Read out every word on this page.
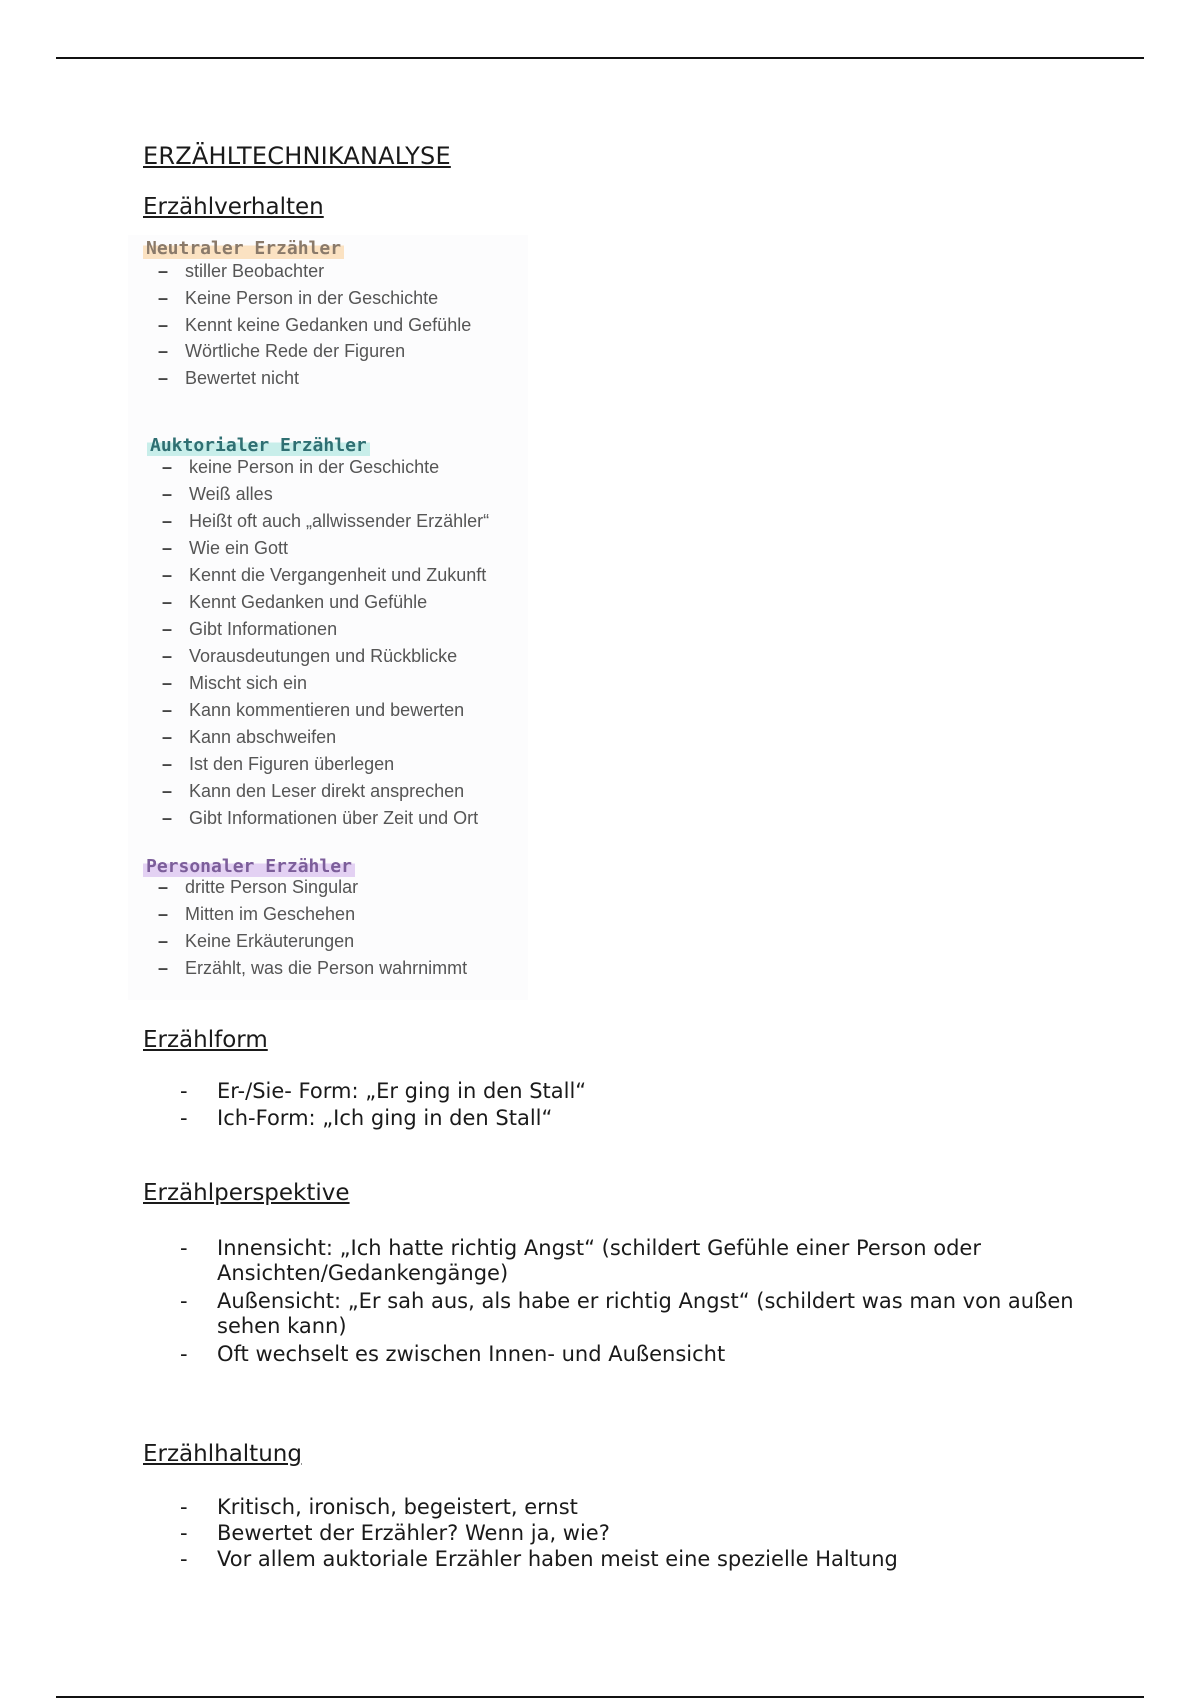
ERZÄHLTECHNIKANALYSE
Erzählverhalten
Neutraler Erzähler
– stiller Beobachter
– Keine Person in der Geschichte
– Kennt keine Gedanken und Gefühle
– Wörtliche Rede der Figuren
– Bewertet nicht
Auktorialer Erzähler
– keine Person in der Geschichte
– Weiß alles
– Heißt oft auch „allwissender Erzähler“
– Wie ein Gott
– Kennt die Vergangenheit und Zukunft
– Kennt Gedanken und Gefühle
– Gibt Informationen
– Vorausdeutungen und Rückblicke
– Mischt sich ein
– Kann kommentieren und bewerten
– Kann abschweifen
– Ist den Figuren überlegen
– Kann den Leser direkt ansprechen
– Gibt Informationen über Zeit und Ort
Personaler Erzähler
– dritte Person Singular
– Mitten im Geschehen
– Keine Erkäuterungen
– Erzählt, was die Person wahrnimmt
Erzählform
- Er-/Sie- Form: „Er ging in den Stall“
- Ich-Form: „Ich ging in den Stall“
Erzählperspektive
- Innensicht: „Ich hatte richtig Angst“ (schildert Gefühle einer Person oder Ansichten/Gedankengänge)
- Außensicht: „Er sah aus, als habe er richtig Angst“ (schildert was man von außen sehen kann)
- Oft wechselt es zwischen Innen- und Außensicht
Erzählhaltung
- Kritisch, ironisch, begeistert, ernst
- Bewertet der Erzähler? Wenn ja, wie?
- Vor allem auktoriale Erzähler haben meist eine spezielle Haltung
